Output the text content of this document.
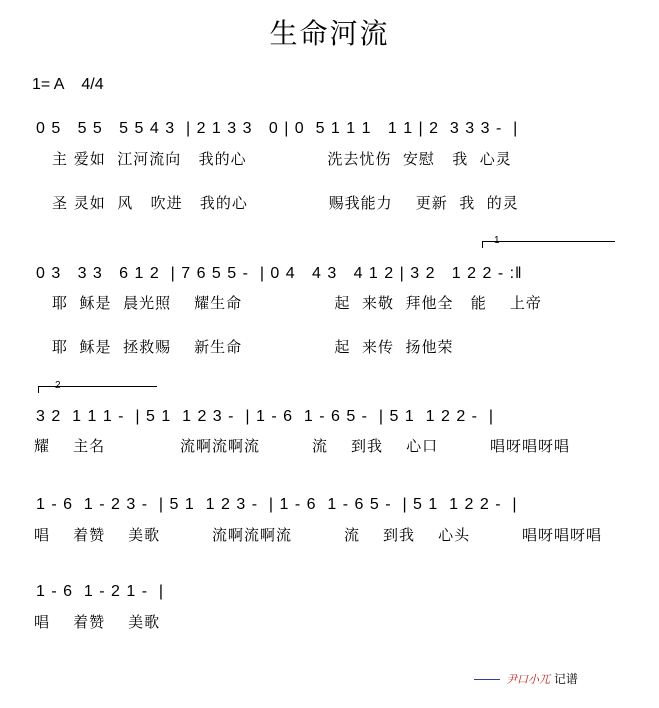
生命河流
1= A 4/4
0 5   5 5   5 5 4 3  | 2 1 3 3   0 | 0  5 1 1 1   1 1 | 2  3 3 3 -  |
主 爱如  江河流向   我的心              洗去忧伤  安慰   我  心灵
圣 灵如  风   吹进   我的心              赐我能力    更新  我  的灵
1
0 3   3 3   6 1 2  | 7 6 5 5 -  | 0 4   4 3   4 1 2 | 3 2   1 2 2 - :‖
耶  稣是  晨光照    耀生命                起  来敬  拜他全   能    上帝
耶  稣是  拯救赐    新生命                起  来传  扬他荣
2
3 2  1 1 1 -  | 5 1  1 2 3 -  | 1 - 6  1 - 6 5 -  | 5 1  1 2 2 -  |
耀    主名             流啊流啊流         流    到我    心口         唱呀唱呀唱
1 - 6  1 - 2 3 -  | 5 1  1 2 3 -  | 1 - 6  1 - 6 5 -  | 5 1  1 2 2 -  |
唱    着赞    美歌         流啊流啊流         流    到我    心头         唱呀唱呀唱
1 - 6  1 - 2 1 -  |
唱    着赞    美歌
尹口小兀 记谱
